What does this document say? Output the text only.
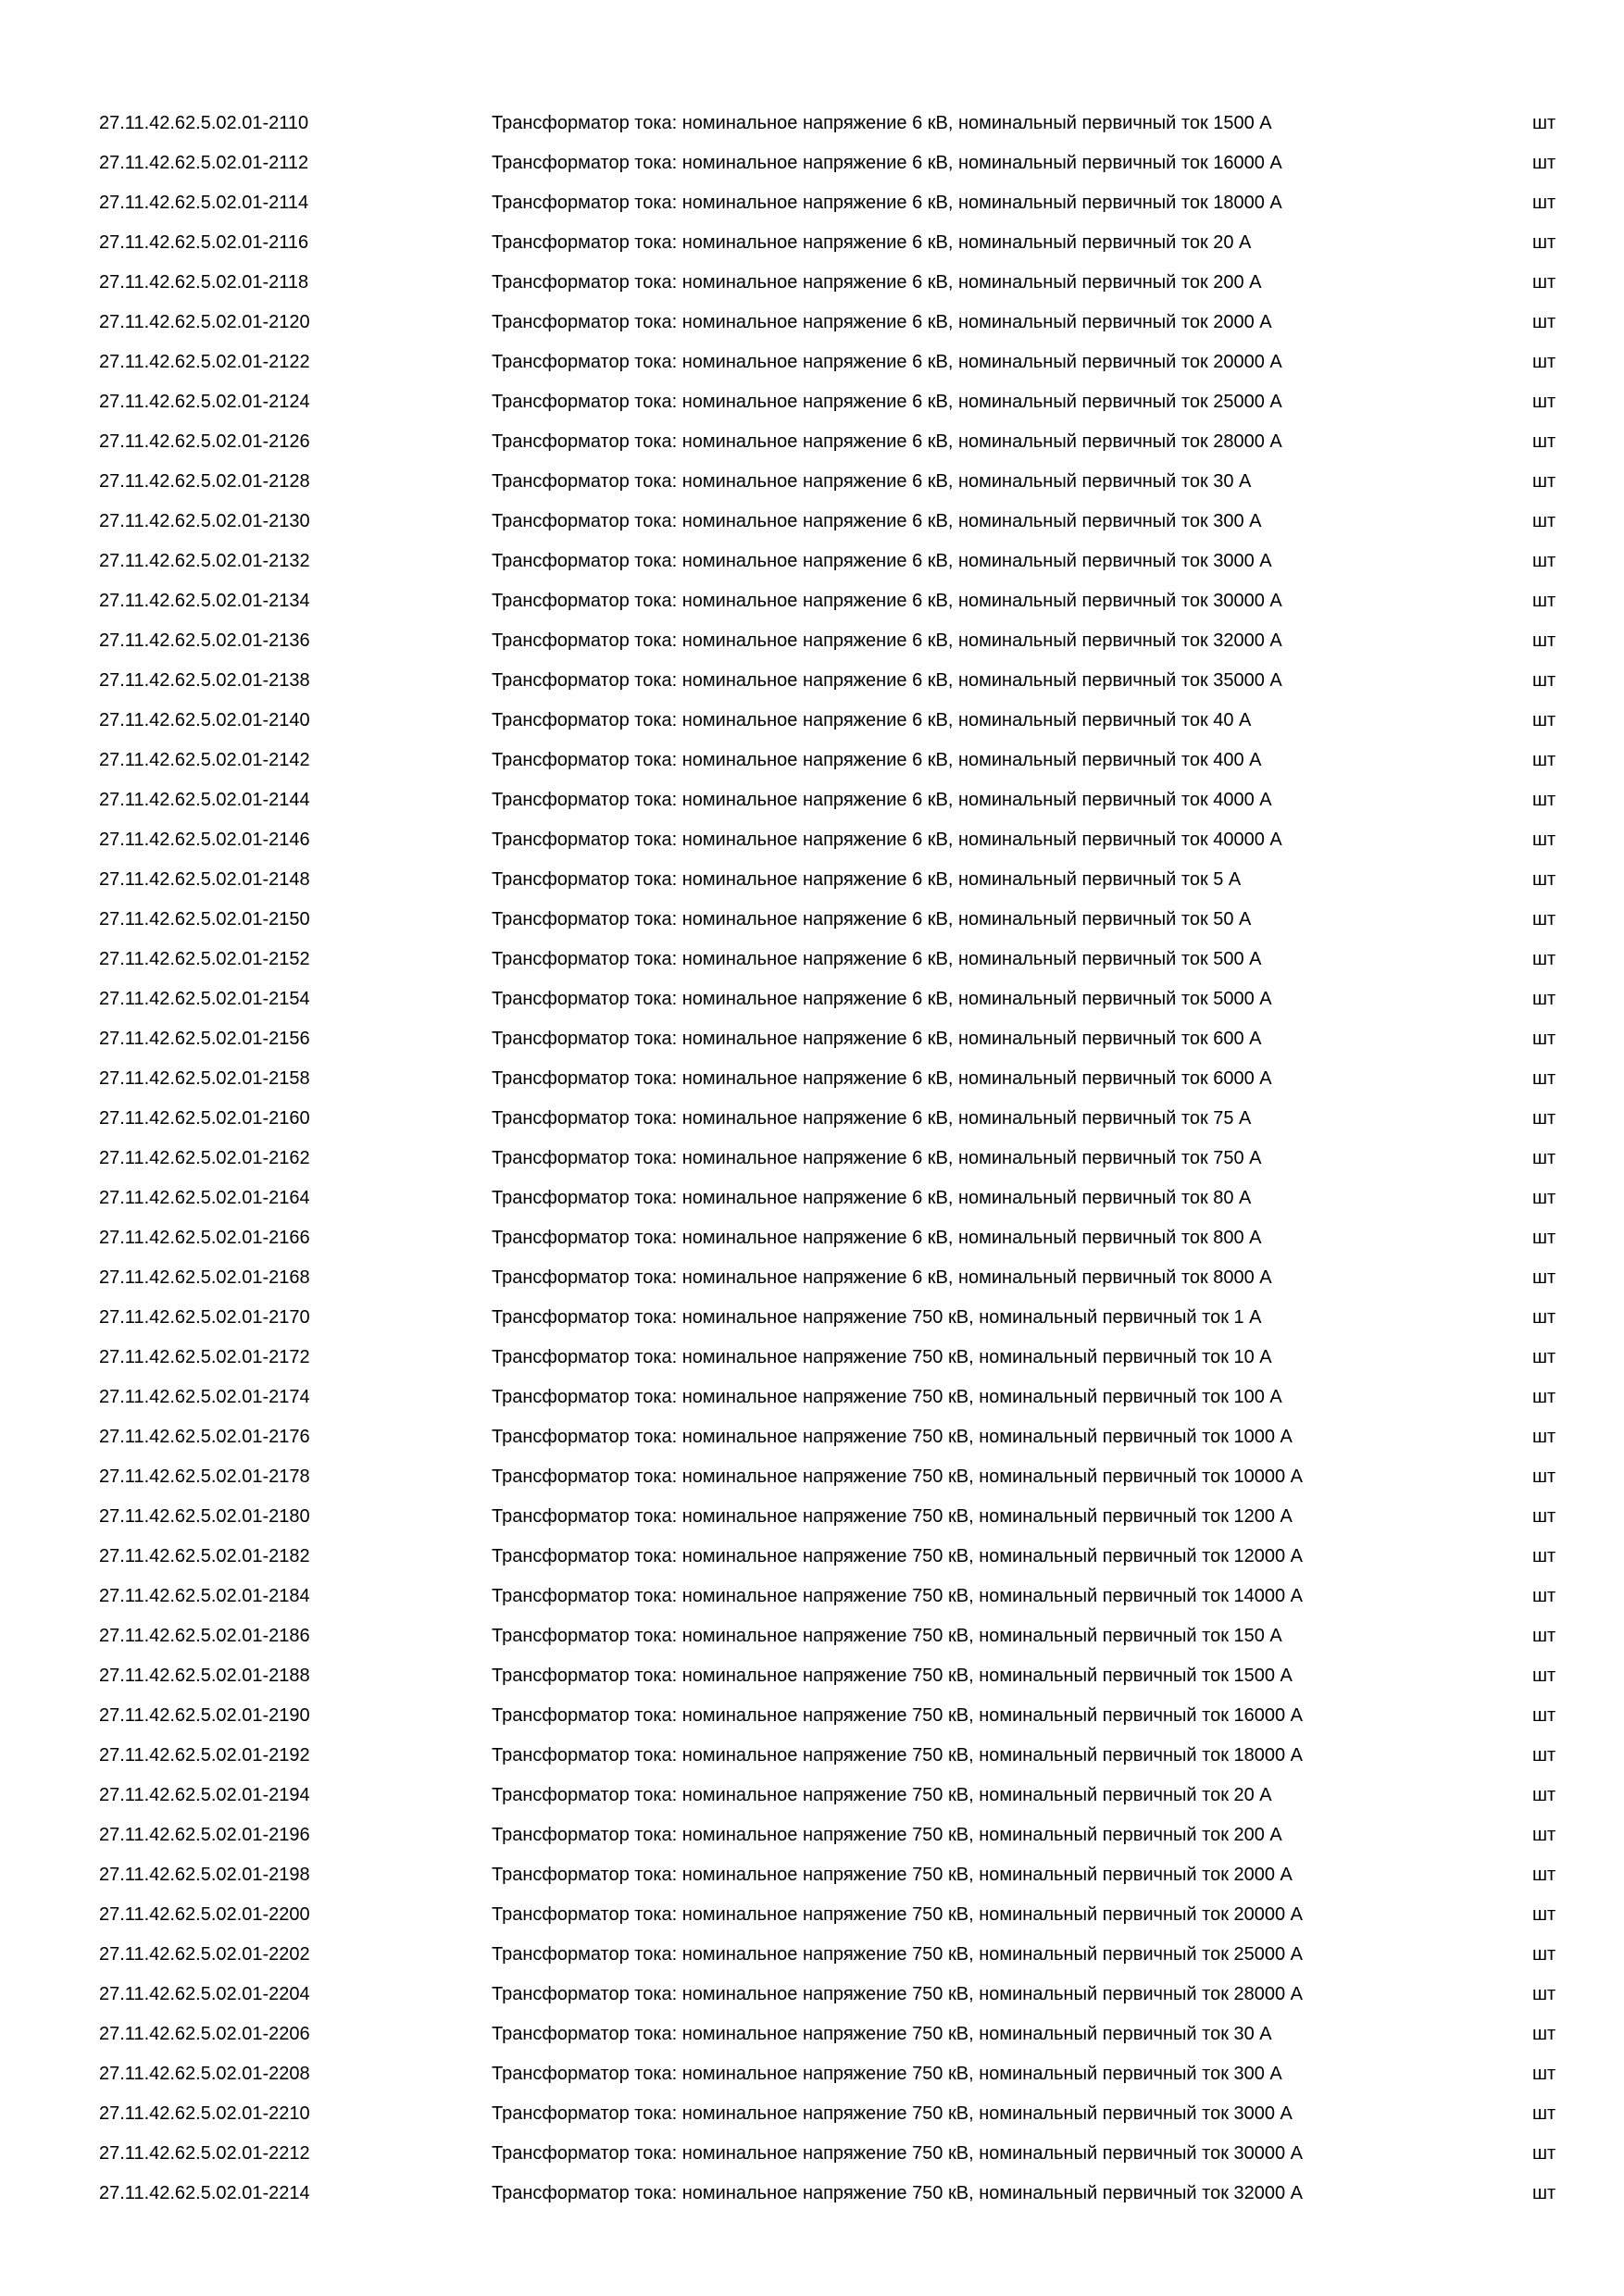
27.11.42.62.5.02.01-2110	Трансформатор тока: номинальное напряжение 6 кВ, номинальный первичный ток 1500 А	шт
27.11.42.62.5.02.01-2112	Трансформатор тока: номинальное напряжение 6 кВ, номинальный первичный ток 16000 А	шт
27.11.42.62.5.02.01-2114	Трансформатор тока: номинальное напряжение 6 кВ, номинальный первичный ток 18000 А	шт
27.11.42.62.5.02.01-2116	Трансформатор тока: номинальное напряжение 6 кВ, номинальный первичный ток 20 А	шт
27.11.42.62.5.02.01-2118	Трансформатор тока: номинальное напряжение 6 кВ, номинальный первичный ток 200 А	шт
27.11.42.62.5.02.01-2120	Трансформатор тока: номинальное напряжение 6 кВ, номинальный первичный ток 2000 А	шт
27.11.42.62.5.02.01-2122	Трансформатор тока: номинальное напряжение 6 кВ, номинальный первичный ток 20000 А	шт
27.11.42.62.5.02.01-2124	Трансформатор тока: номинальное напряжение 6 кВ, номинальный первичный ток 25000 А	шт
27.11.42.62.5.02.01-2126	Трансформатор тока: номинальное напряжение 6 кВ, номинальный первичный ток 28000 А	шт
27.11.42.62.5.02.01-2128	Трансформатор тока: номинальное напряжение 6 кВ, номинальный первичный ток 30 А	шт
27.11.42.62.5.02.01-2130	Трансформатор тока: номинальное напряжение 6 кВ, номинальный первичный ток 300 А	шт
27.11.42.62.5.02.01-2132	Трансформатор тока: номинальное напряжение 6 кВ, номинальный первичный ток 3000 А	шт
27.11.42.62.5.02.01-2134	Трансформатор тока: номинальное напряжение 6 кВ, номинальный первичный ток 30000 А	шт
27.11.42.62.5.02.01-2136	Трансформатор тока: номинальное напряжение 6 кВ, номинальный первичный ток 32000 А	шт
27.11.42.62.5.02.01-2138	Трансформатор тока: номинальное напряжение 6 кВ, номинальный первичный ток 35000 А	шт
27.11.42.62.5.02.01-2140	Трансформатор тока: номинальное напряжение 6 кВ, номинальный первичный ток 40 А	шт
27.11.42.62.5.02.01-2142	Трансформатор тока: номинальное напряжение 6 кВ, номинальный первичный ток 400 А	шт
27.11.42.62.5.02.01-2144	Трансформатор тока: номинальное напряжение 6 кВ, номинальный первичный ток 4000 А	шт
27.11.42.62.5.02.01-2146	Трансформатор тока: номинальное напряжение 6 кВ, номинальный первичный ток 40000 А	шт
27.11.42.62.5.02.01-2148	Трансформатор тока: номинальное напряжение 6 кВ, номинальный первичный ток 5 А	шт
27.11.42.62.5.02.01-2150	Трансформатор тока: номинальное напряжение 6 кВ, номинальный первичный ток 50 А	шт
27.11.42.62.5.02.01-2152	Трансформатор тока: номинальное напряжение 6 кВ, номинальный первичный ток 500 А	шт
27.11.42.62.5.02.01-2154	Трансформатор тока: номинальное напряжение 6 кВ, номинальный первичный ток 5000 А	шт
27.11.42.62.5.02.01-2156	Трансформатор тока: номинальное напряжение 6 кВ, номинальный первичный ток 600 А	шт
27.11.42.62.5.02.01-2158	Трансформатор тока: номинальное напряжение 6 кВ, номинальный первичный ток 6000 А	шт
27.11.42.62.5.02.01-2160	Трансформатор тока: номинальное напряжение 6 кВ, номинальный первичный ток 75 А	шт
27.11.42.62.5.02.01-2162	Трансформатор тока: номинальное напряжение 6 кВ, номинальный первичный ток 750 А	шт
27.11.42.62.5.02.01-2164	Трансформатор тока: номинальное напряжение 6 кВ, номинальный первичный ток 80 А	шт
27.11.42.62.5.02.01-2166	Трансформатор тока: номинальное напряжение 6 кВ, номинальный первичный ток 800 А	шт
27.11.42.62.5.02.01-2168	Трансформатор тока: номинальное напряжение 6 кВ, номинальный первичный ток 8000 А	шт
27.11.42.62.5.02.01-2170	Трансформатор тока: номинальное напряжение 750 кВ, номинальный первичный ток 1 А	шт
27.11.42.62.5.02.01-2172	Трансформатор тока: номинальное напряжение 750 кВ, номинальный первичный ток 10 А	шт
27.11.42.62.5.02.01-2174	Трансформатор тока: номинальное напряжение 750 кВ, номинальный первичный ток 100 А	шт
27.11.42.62.5.02.01-2176	Трансформатор тока: номинальное напряжение 750 кВ, номинальный первичный ток 1000 А	шт
27.11.42.62.5.02.01-2178	Трансформатор тока: номинальное напряжение 750 кВ, номинальный первичный ток 10000 А	шт
27.11.42.62.5.02.01-2180	Трансформатор тока: номинальное напряжение 750 кВ, номинальный первичный ток 1200 А	шт
27.11.42.62.5.02.01-2182	Трансформатор тока: номинальное напряжение 750 кВ, номинальный первичный ток 12000 А	шт
27.11.42.62.5.02.01-2184	Трансформатор тока: номинальное напряжение 750 кВ, номинальный первичный ток 14000 А	шт
27.11.42.62.5.02.01-2186	Трансформатор тока: номинальное напряжение 750 кВ, номинальный первичный ток 150 А	шт
27.11.42.62.5.02.01-2188	Трансформатор тока: номинальное напряжение 750 кВ, номинальный первичный ток 1500 А	шт
27.11.42.62.5.02.01-2190	Трансформатор тока: номинальное напряжение 750 кВ, номинальный первичный ток 16000 А	шт
27.11.42.62.5.02.01-2192	Трансформатор тока: номинальное напряжение 750 кВ, номинальный первичный ток 18000 А	шт
27.11.42.62.5.02.01-2194	Трансформатор тока: номинальное напряжение 750 кВ, номинальный первичный ток 20 А	шт
27.11.42.62.5.02.01-2196	Трансформатор тока: номинальное напряжение 750 кВ, номинальный первичный ток 200 А	шт
27.11.42.62.5.02.01-2198	Трансформатор тока: номинальное напряжение 750 кВ, номинальный первичный ток 2000 А	шт
27.11.42.62.5.02.01-2200	Трансформатор тока: номинальное напряжение 750 кВ, номинальный первичный ток 20000 А	шт
27.11.42.62.5.02.01-2202	Трансформатор тока: номинальное напряжение 750 кВ, номинальный первичный ток 25000 А	шт
27.11.42.62.5.02.01-2204	Трансформатор тока: номинальное напряжение 750 кВ, номинальный первичный ток 28000 А	шт
27.11.42.62.5.02.01-2206	Трансформатор тока: номинальное напряжение 750 кВ, номинальный первичный ток 30 А	шт
27.11.42.62.5.02.01-2208	Трансформатор тока: номинальное напряжение 750 кВ, номинальный первичный ток 300 А	шт
27.11.42.62.5.02.01-2210	Трансформатор тока: номинальное напряжение 750 кВ, номинальный первичный ток 3000 А	шт
27.11.42.62.5.02.01-2212	Трансформатор тока: номинальное напряжение 750 кВ, номинальный первичный ток 30000 А	шт
27.11.42.62.5.02.01-2214	Трансформатор тока: номинальное напряжение 750 кВ, номинальный первичный ток 32000 А	шт
